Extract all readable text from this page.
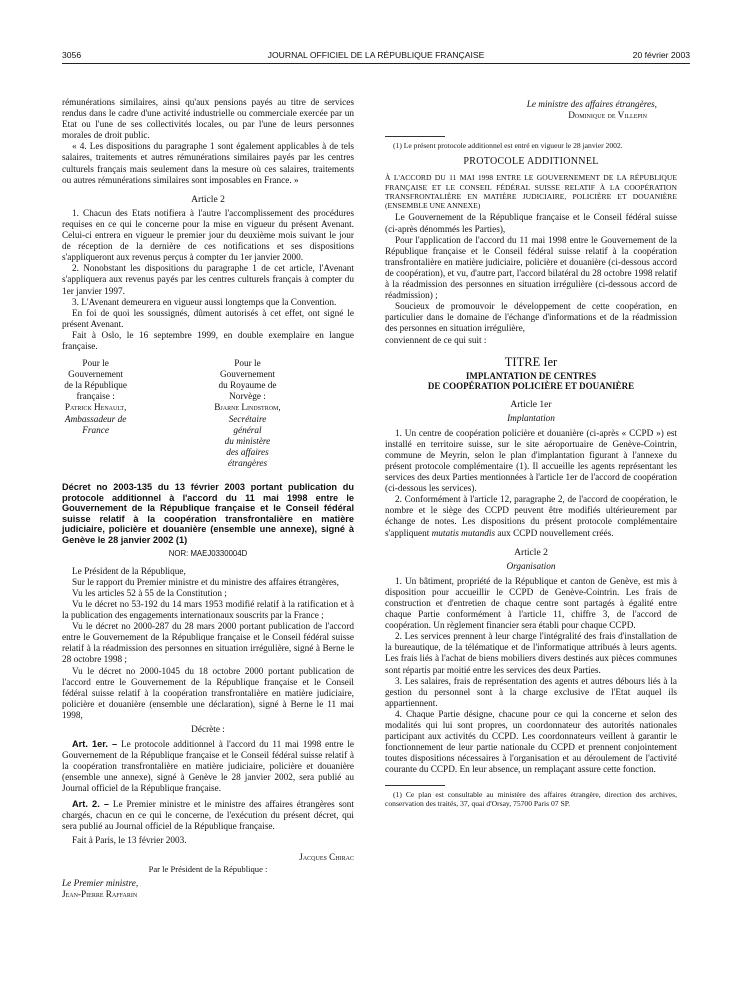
3056	JOURNAL OFFICIEL DE LA RÉPUBLIQUE FRANÇAISE	20 février 2003

rémunérations similaires, ainsi qu'aux pensions payés au titre de services rendus dans le cadre d'une activité industrielle ou commerciale exercée par un Etat ou l'une de ses collectivités locales, ou par l'une de leurs personnes morales de droit public.

« 4. Les dispositions du paragraphe 1 sont également applicables à de tels salaires, traitements et autres rémunérations similaires payés par les centres culturels français mais seulement dans la mesure où ces salaires, traitements ou autres rémunérations similaires sont imposables en France. »

Article 2

1. Chacun des Etats notifiera à l'autre l'accomplissement des procédures requises en ce qui le concerne pour la mise en vigueur du présent Avenant. Celui-ci entrera en vigueur le premier jour du deuxième mois suivant le jour de réception de la dernière de ces notifications et ses dispositions s'appliqueront aux revenus perçus à compter du 1er janvier 2000.

2. Nonobstant les dispositions du paragraphe 1 de cet article, l'Avenant s'appliquera aux revenus payés par les centres culturels français à compter du 1er janvier 1997.

3. L'Avenant demeurera en vigueur aussi longtemps que la Convention.

En foi de quoi les soussignés, dûment autorisés à cet effet, ont signé le présent Avenant.

Fait à Oslo, le 16 septembre 1999, en double exemplaire en langue française.

Pour le Gouvernement
de la République française :
Patrick Henault,
Ambassadeur de France
Pour le Gouvernement
du Royaume de Norvège :
Bjarne Lindstrom,
Secrétaire général
du ministère
des affaires étrangères
Décret no 2003-135 du 13 février 2003 portant publication du protocole additionnel à l'accord du 11 mai 1998 entre le Gouvernement de la République française et le Conseil fédéral suisse relatif à la coopération transfrontalière en matière judiciaire, policière et douanière (ensemble une annexe), signé à Genève le 28 janvier 2002 (1)
NOR: MAEJ0330004D

Le Président de la République,

Sur le rapport du Premier ministre et du ministre des affaires étrangères,

Vu les articles 52 à 55 de la Constitution ;

Vu le décret no 53-192 du 14 mars 1953 modifié relatif à la ratification et à la publication des engagements internationaux souscrits par la France ;

Vu le décret no 2000-287 du 28 mars 2000 portant publication de l'accord entre le Gouvernement de la République française et le Conseil fédéral suisse relatif à la réadmission des personnes en situation irrégulière, signé à Berne le 28 octobre 1998 ;

Vu le décret no 2000-1045 du 18 octobre 2000 portant publication de l'accord entre le Gouvernement de la République française et le Conseil fédéral suisse relatif à la coopération transfrontalière en matière judiciaire, policière et douanière (ensemble une déclaration), signé à Berne le 11 mai 1998,

Décrète :

Art. 1er. – Le protocole additionnel à l'accord du 11 mai 1998 entre le Gouvernement de la République française et le Conseil fédéral suisse relatif à la coopération transfrontalière en matière judiciaire, policière et douanière (ensemble une annexe), signé à Genève le 28 janvier 2002, sera publié au Journal officiel de la République française.

Art. 2. – Le Premier ministre et le ministre des affaires étrangères sont chargés, chacun en ce qui le concerne, de l'exécution du présent décret, qui sera publié au Journal officiel de la République française.

Fait à Paris, le 13 février 2003.

Jacques Chirac
Par le Président de la République :
Le Premier ministre,
Jean-Pierre Raffarin
Le ministre des affaires étrangères,
Dominique de Villepin

(1) Le présent protocole additionnel est entré en vigueur le 28 janvier 2002.

PROTOCOLE ADDITIONNEL

À L'ACCORD DU 11 MAI 1998 ENTRE LE GOUVERNEMENT DE LA RÉPUBLIQUE FRANÇAISE ET LE CONSEIL FÉDÉRAL SUISSE RELATIF À LA COOPÉRATION TRANSFRONTALIÈRE EN MATIÈRE JUDICIAIRE, POLICIÈRE ET DOUANIÈRE (ENSEMBLE UNE ANNEXE)

Le Gouvernement de la République française et le Conseil fédéral suisse (ci-après dénommés les Parties),

Pour l'application de l'accord du 11 mai 1998 entre le Gouvernement de la République française et le Conseil fédéral suisse relatif à la coopération transfrontalière en matière judiciaire, policière et douanière (ci-dessous accord de coopération), et vu, d'autre part, l'accord bilatéral du 28 octobre 1998 relatif à la réadmission des personnes en situation irrégulière (ci-dessous accord de réadmission) ;

Soucieux de promouvoir le développement de cette coopération, en particulier dans le domaine de l'échange d'informations et de la réadmission des personnes en situation irrégulière,

conviennent de ce qui suit :

TITRE Ier
IMPLANTATION DE CENTRES
DE COOPÉRATION POLICIÈRE ET DOUANIÈRE
Article 1er
Implantation

1. Un centre de coopération policière et douanière (ci-après « CCPD ») est installé en territoire suisse, sur le site aéroportuaire de Genève-Cointrin, commune de Meyrin, selon le plan d'implantation figurant à l'annexe du présent protocole complémentaire (1). Il accueille les agents représentant les services des deux Parties mentionnées à l'article 1er de l'accord de coopération (ci-dessous les services).

2. Conformément à l'article 12, paragraphe 2, de l'accord de coopération, le nombre et le siège des CCPD peuvent être modifiés ultérieurement par échange de notes. Les dispositions du présent protocole complémentaire s'appliquent mutatis mutandis aux CCPD nouvellement créés.

Article 2
Organisation

1. Un bâtiment, propriété de la République et canton de Genève, est mis à disposition pour accueillir le CCPD de Genève-Cointrin. Les frais de construction et d'entretien de chaque centre sont partagés à égalité entre chaque Partie conformément à l'article 11, chiffre 3, de l'accord de coopération. Un règlement financier sera établi pour chaque CCPD.

2. Les services prennent à leur charge l'intégralité des frais d'installation de la bureautique, de la télématique et de l'informatique attribués à leurs agents. Les frais liés à l'achat de biens mobiliers divers destinés aux pièces communes sont répartis par moitié entre les services des deux Parties.

3. Les salaires, frais de représentation des agents et autres débours liés à la gestion du personnel sont à la charge exclusive de l'Etat auquel ils appartiennent.

4. Chaque Partie désigne, chacune pour ce qui la concerne et selon des modalités qui lui sont propres, un coordonnateur des autorités nationales participant aux activités du CCPD. Les coordonnateurs veillent à garantir le fonctionnement de leur partie nationale du CCPD et prennent conjointement toutes dispositions nécessaires à l'organisation et au déroulement de l'activité courante du CCPD. En leur absence, un remplaçant assure cette fonction.

(1) Ce plan est consultable au ministère des affaires étrangère, direction des archives, conservation des traités, 37, quai d'Orsay, 75700 Paris 07 SP.
